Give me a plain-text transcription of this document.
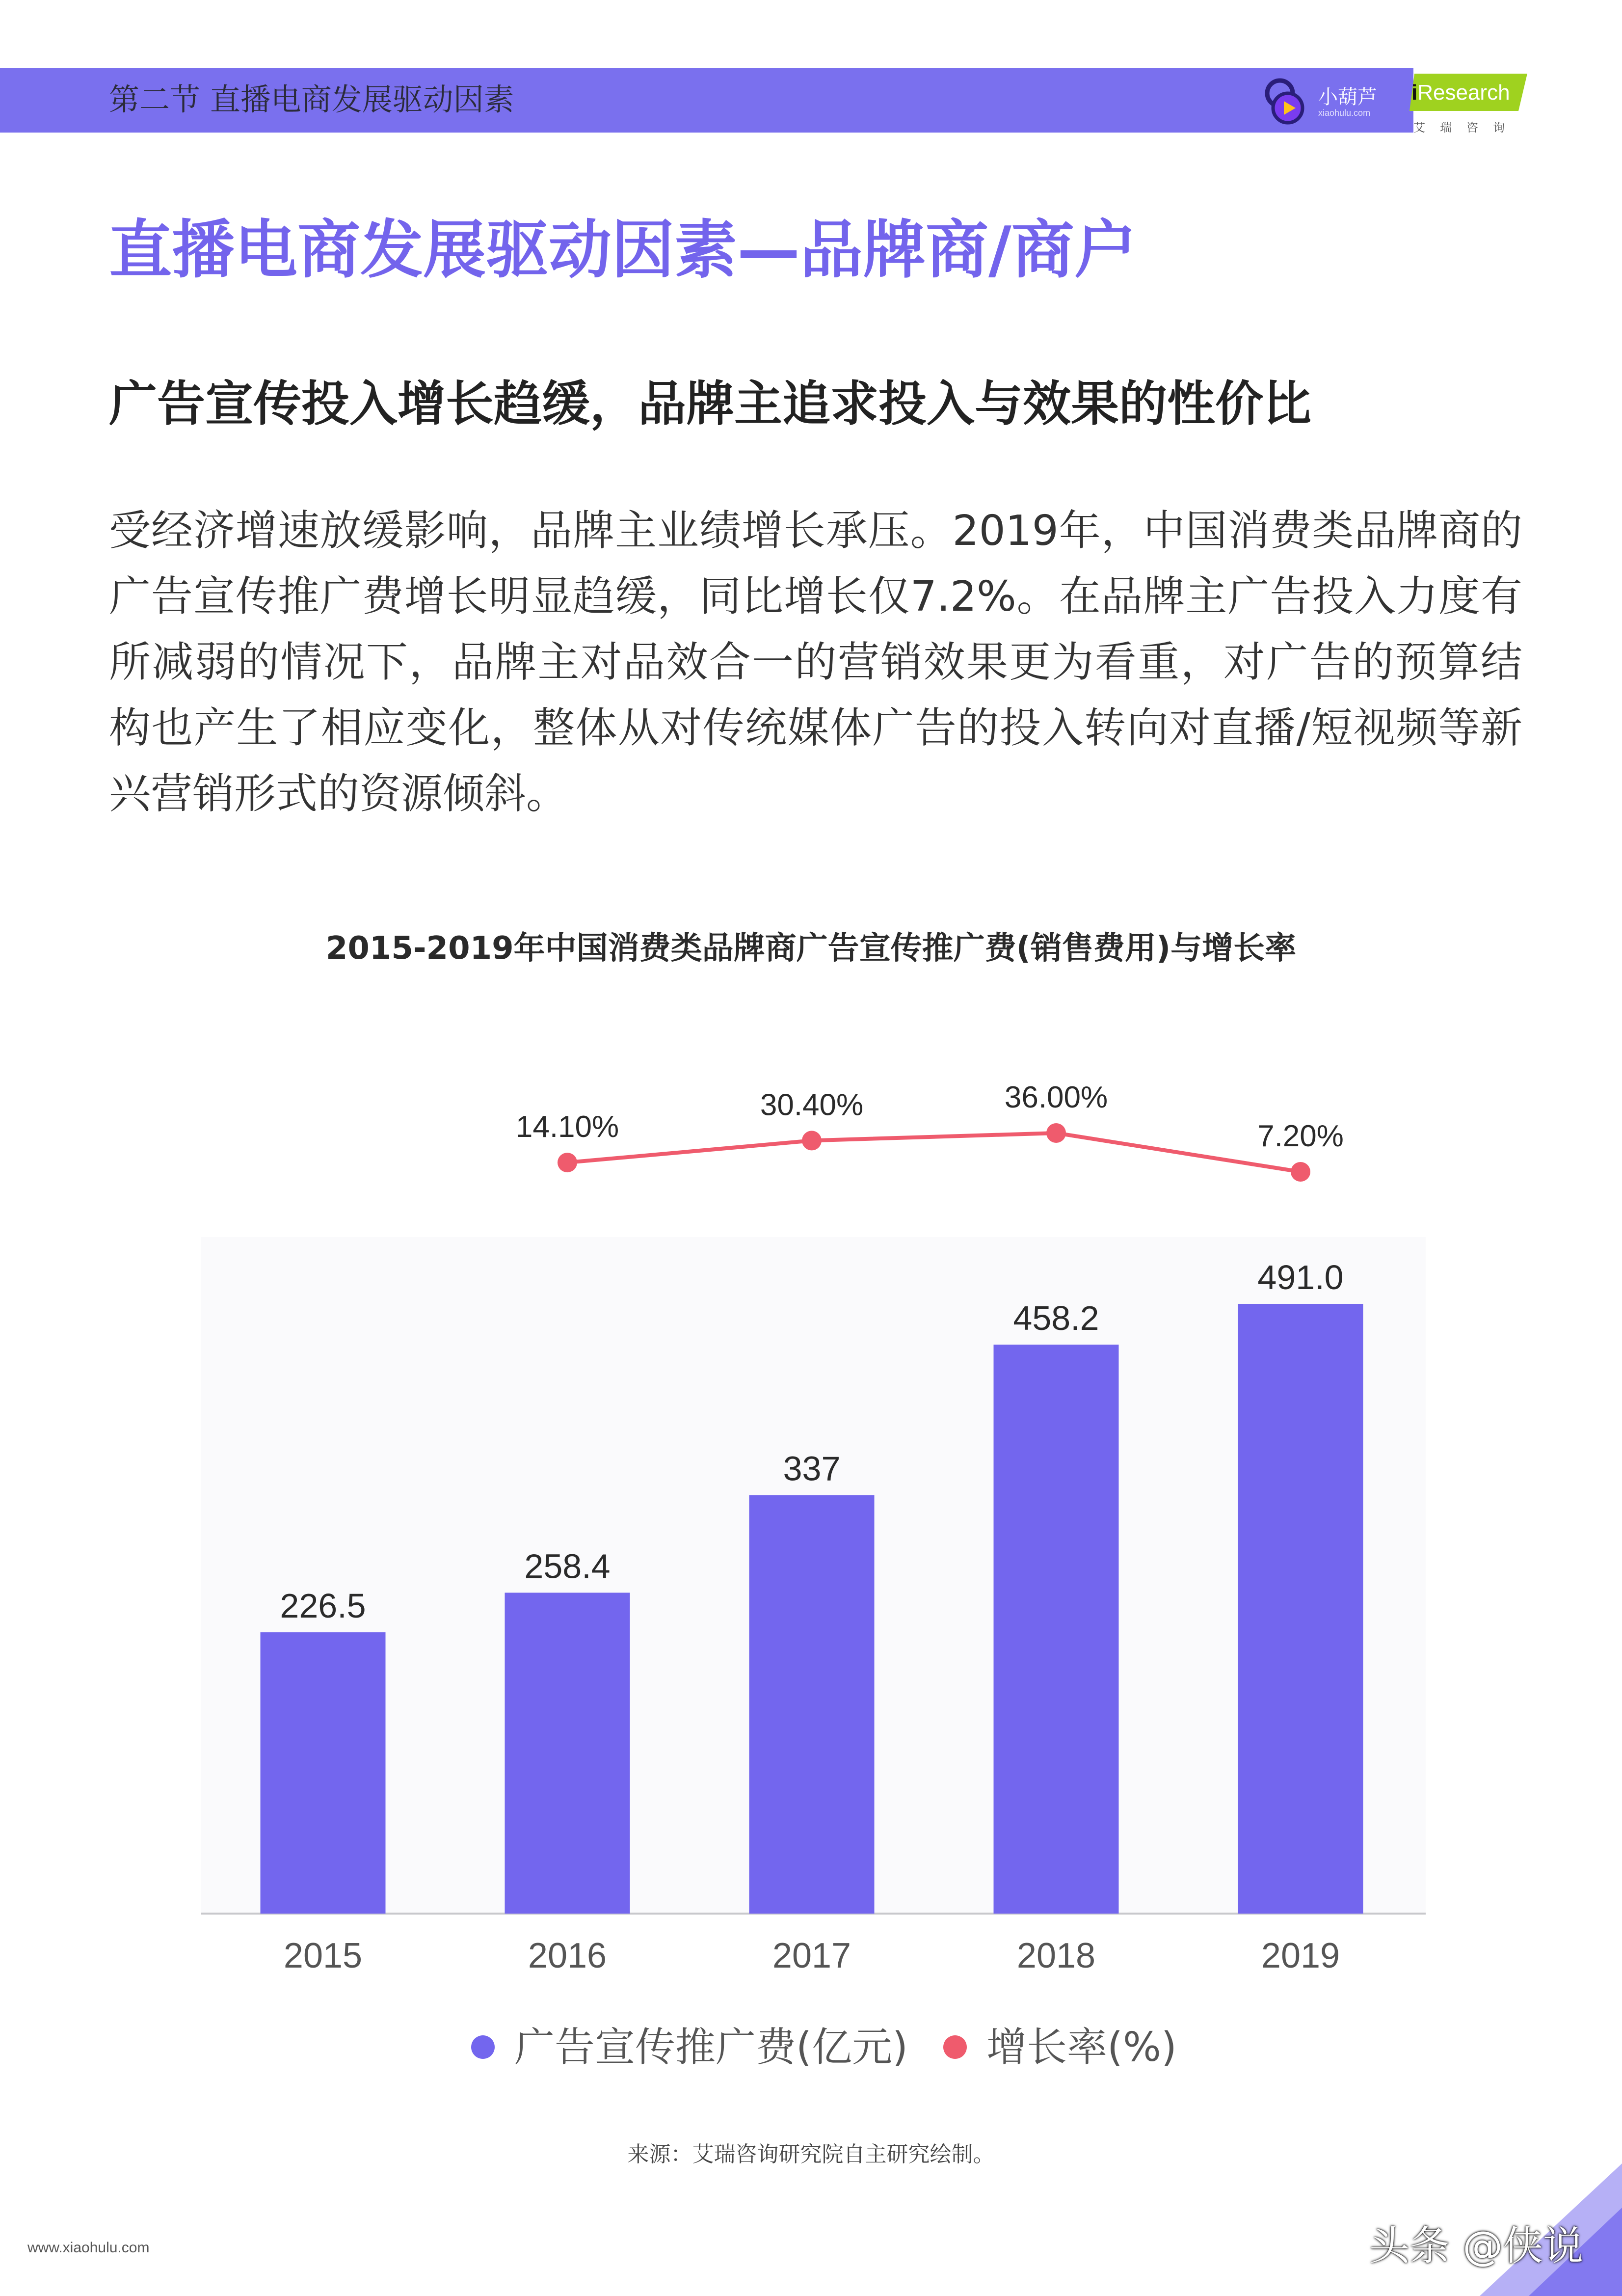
第二节 直播电商发展驱动因素	小葫芦
xiaohulu.com
iResearch
艾瑞咨询
直播电商发展驱动因素—品牌商/商户
广告宣传投入增长趋缓，品牌主追求投入与效果的性价比

受经济增速放缓影响，品牌主业绩增长承压。2019年，中国消费类品牌商的广告宣传推广费增长明显趋缓，同比增长仅7.2%。在品牌主广告投入力度有所减弱的情况下，品牌主对品效合一的营销效果更为看重，对广告的预算结构也产生了相应变化，整体从对传统媒体广告的投入转向对直播/短视频等新兴营销形式的资源倾斜。

2015-2019年中国消费类品牌商广告宣传推广费(销售费用)与增长率
226.5
2015
258.4
2016
337
2017
458.2
2018
491.0
2019
14.10%
30.40%	36.00%
7.20%
广告宣传推广费(亿元)	增长率(%)
来源：艾瑞咨询研究院自主研究绘制。
www.xiaohulu.com	头条 @侠说
